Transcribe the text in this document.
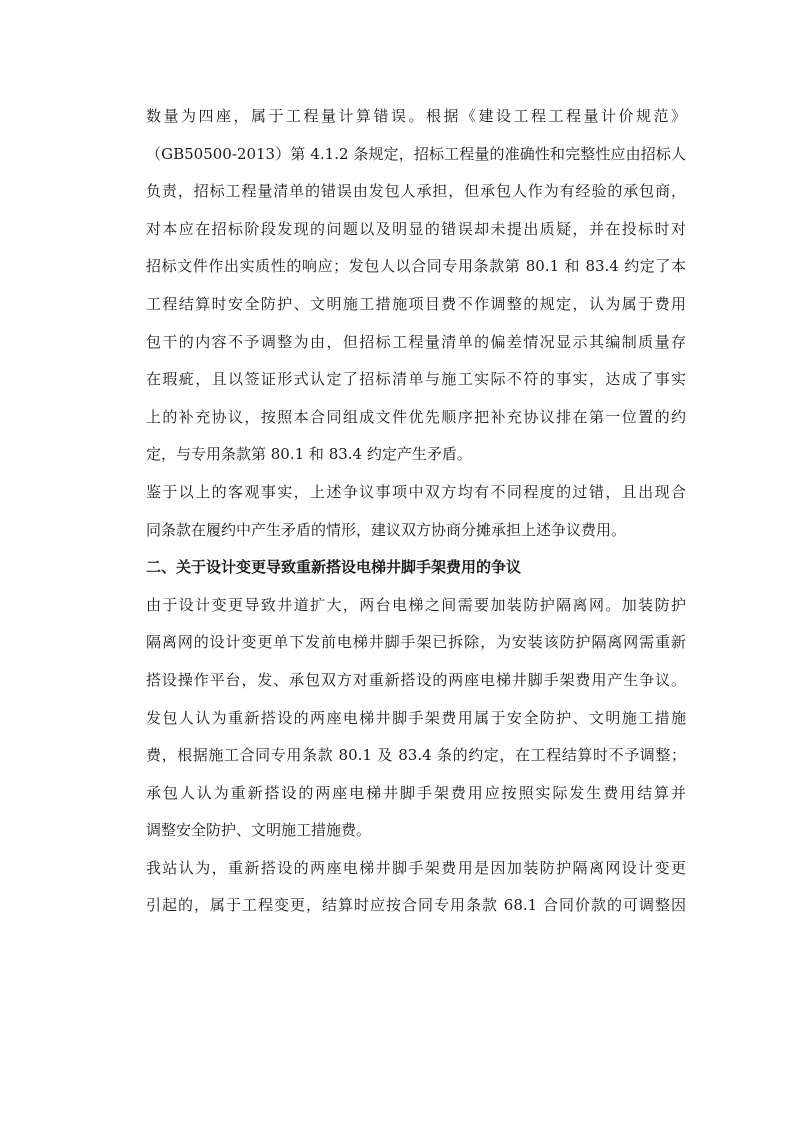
数量为四座，属于工程量计算错误。根据《建设工程工程量计价规范》
（GB50500-2013）第 4.1.2 条规定，招标工程量的准确性和完整性应由招标人
负责，招标工程量清单的错误由发包人承担，但承包人作为有经验的承包商，
对本应在招标阶段发现的问题以及明显的错误却未提出质疑，并在投标时对
招标文件作出实质性的响应；发包人以合同专用条款第 80.1 和 83.4 约定了本
工程结算时安全防护、文明施工措施项目费不作调整的规定，认为属于费用
包干的内容不予调整为由，但招标工程量清单的偏差情况显示其编制质量存
在瑕疵，且以签证形式认定了招标清单与施工实际不符的事实，达成了事实
上的补充协议，按照本合同组成文件优先顺序把补充协议排在第一位置的约
定，与专用条款第 80.1 和 83.4 约定产生矛盾。
鉴于以上的客观事实，上述争议事项中双方均有不同程度的过错，且出现合
同条款在履约中产生矛盾的情形，建议双方协商分摊承担上述争议费用。
二、关于设计变更导致重新搭设电梯井脚手架费用的争议
由于设计变更导致井道扩大，两台电梯之间需要加装防护隔离网。加装防护
隔离网的设计变更单下发前电梯井脚手架已拆除，为安装该防护隔离网需重新
搭设操作平台，发、承包双方对重新搭设的两座电梯井脚手架费用产生争议。
发包人认为重新搭设的两座电梯井脚手架费用属于安全防护、文明施工措施
费，根据施工合同专用条款 80.1 及 83.4 条的约定，在工程结算时不予调整；
承包人认为重新搭设的两座电梯井脚手架费用应按照实际发生费用结算并
调整安全防护、文明施工措施费。
我站认为，重新搭设的两座电梯井脚手架费用是因加装防护隔离网设计变更
引起的，属于工程变更，结算时应按合同专用条款 68.1 合同价款的可调整因
